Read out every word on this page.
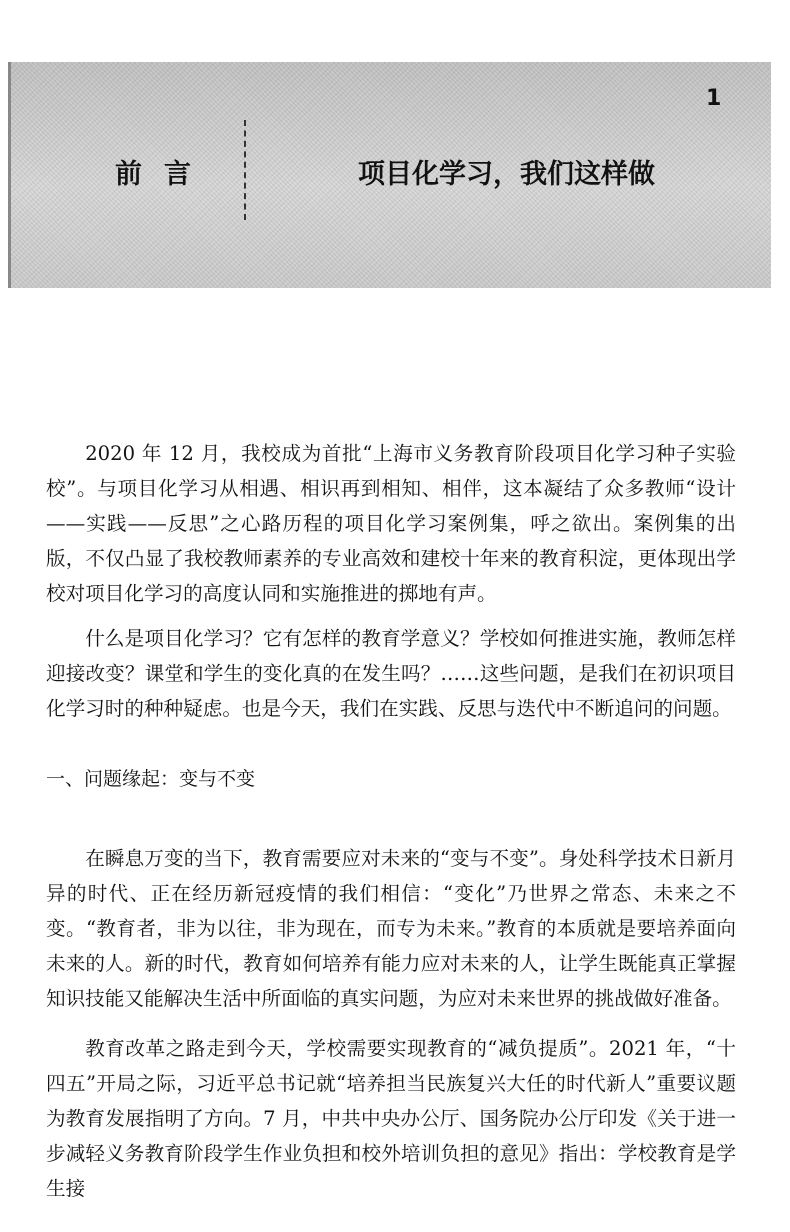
1
前言	项目化学习，我们这样做

2020 年 12 月，我校成为首批“上海市义务教育阶段项目化学习种子实验校”。与项目化学习从相遇、相识再到相知、相伴，这本凝结了众多教师“设计——实践——反思”之心路历程的项目化学习案例集，呼之欲出。案例集的出版，不仅凸显了我校教师素养的专业高效和建校十年来的教育积淀，更体现出学校对项目化学习的高度认同和实施推进的掷地有声。

什么是项目化学习？它有怎样的教育学意义？学校如何推进实施，教师怎样迎接改变？课堂和学生的变化真的在发生吗？……这些问题，是我们在初识项目化学习时的种种疑虑。也是今天，我们在实践、反思与迭代中不断追问的问题。

一、问题缘起：变与不变

在瞬息万变的当下，教育需要应对未来的“变与不变”。身处科学技术日新月异的时代、正在经历新冠疫情的我们相信：“变化”乃世界之常态、未来之不变。“教育者，非为以往，非为现在，而专为未来。”教育的本质就是要培养面向未来的人。新的时代，教育如何培养有能力应对未来的人，让学生既能真正掌握知识技能又能解决生活中所面临的真实问题，为应对未来世界的挑战做好准备。

教育改革之路走到今天，学校需要实现教育的“减负提质”。2021 年，“十四五”开局之际，习近平总书记就“培养担当民族复兴大任的时代新人”重要议题为教育发展指明了方向。7 月，中共中央办公厅、国务院办公厅印发《关于进一步减轻义务教育阶段学生作业负担和校外培训负担的意见》指出：学校教育是学生接
